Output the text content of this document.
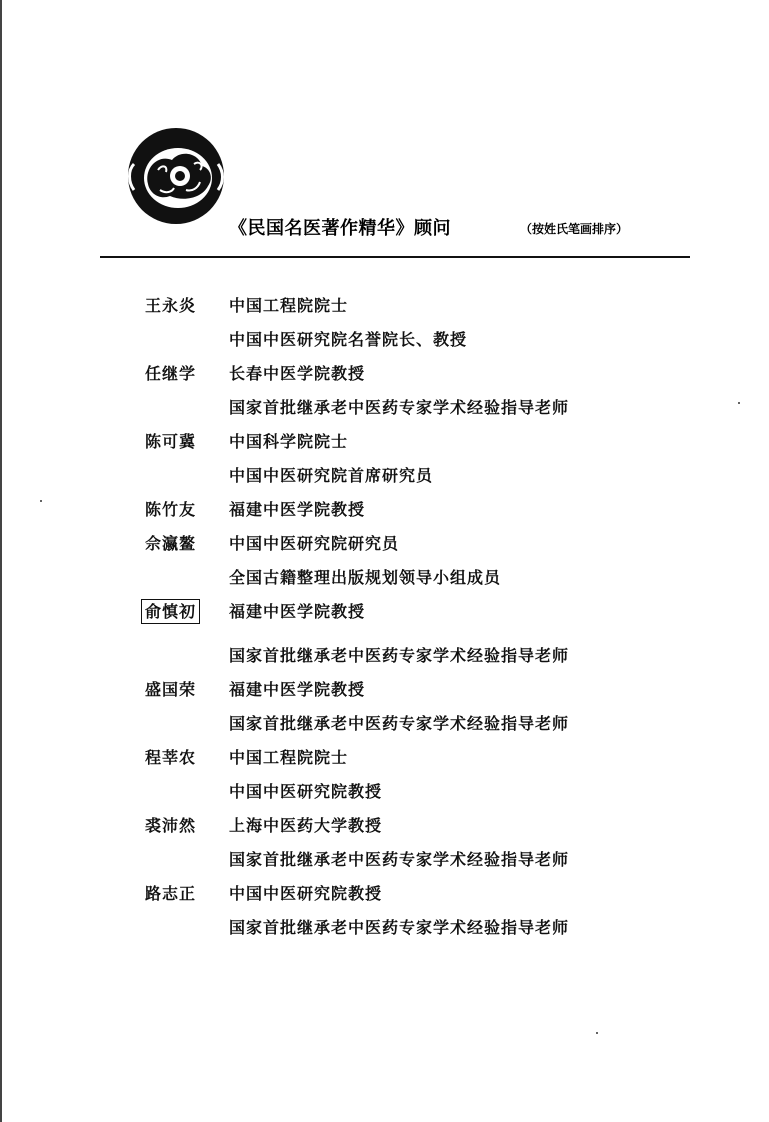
《民国名医著作精华》顾问	（按姓氏笔画排序）
王永炎 中国工程院院士
中国中医研究院名誉院长、教授
任继学 长春中医学院教授
国家首批继承老中医药专家学术经验指导老师
陈可冀 中国科学院院士
中国中医研究院首席研究员
陈竹友 福建中医学院教授
佘瀛鳌 中国中医研究院研究员
全国古籍整理出版规划领导小组成员
俞慎初 福建中医学院教授
国家首批继承老中医药专家学术经验指导老师
盛国荣 福建中医学院教授
国家首批继承老中医药专家学术经验指导老师
程莘农 中国工程院院士
中国中医研究院教授
裘沛然 上海中医药大学教授
国家首批继承老中医药专家学术经验指导老师
路志正 中国中医研究院教授
国家首批继承老中医药专家学术经验指导老师
